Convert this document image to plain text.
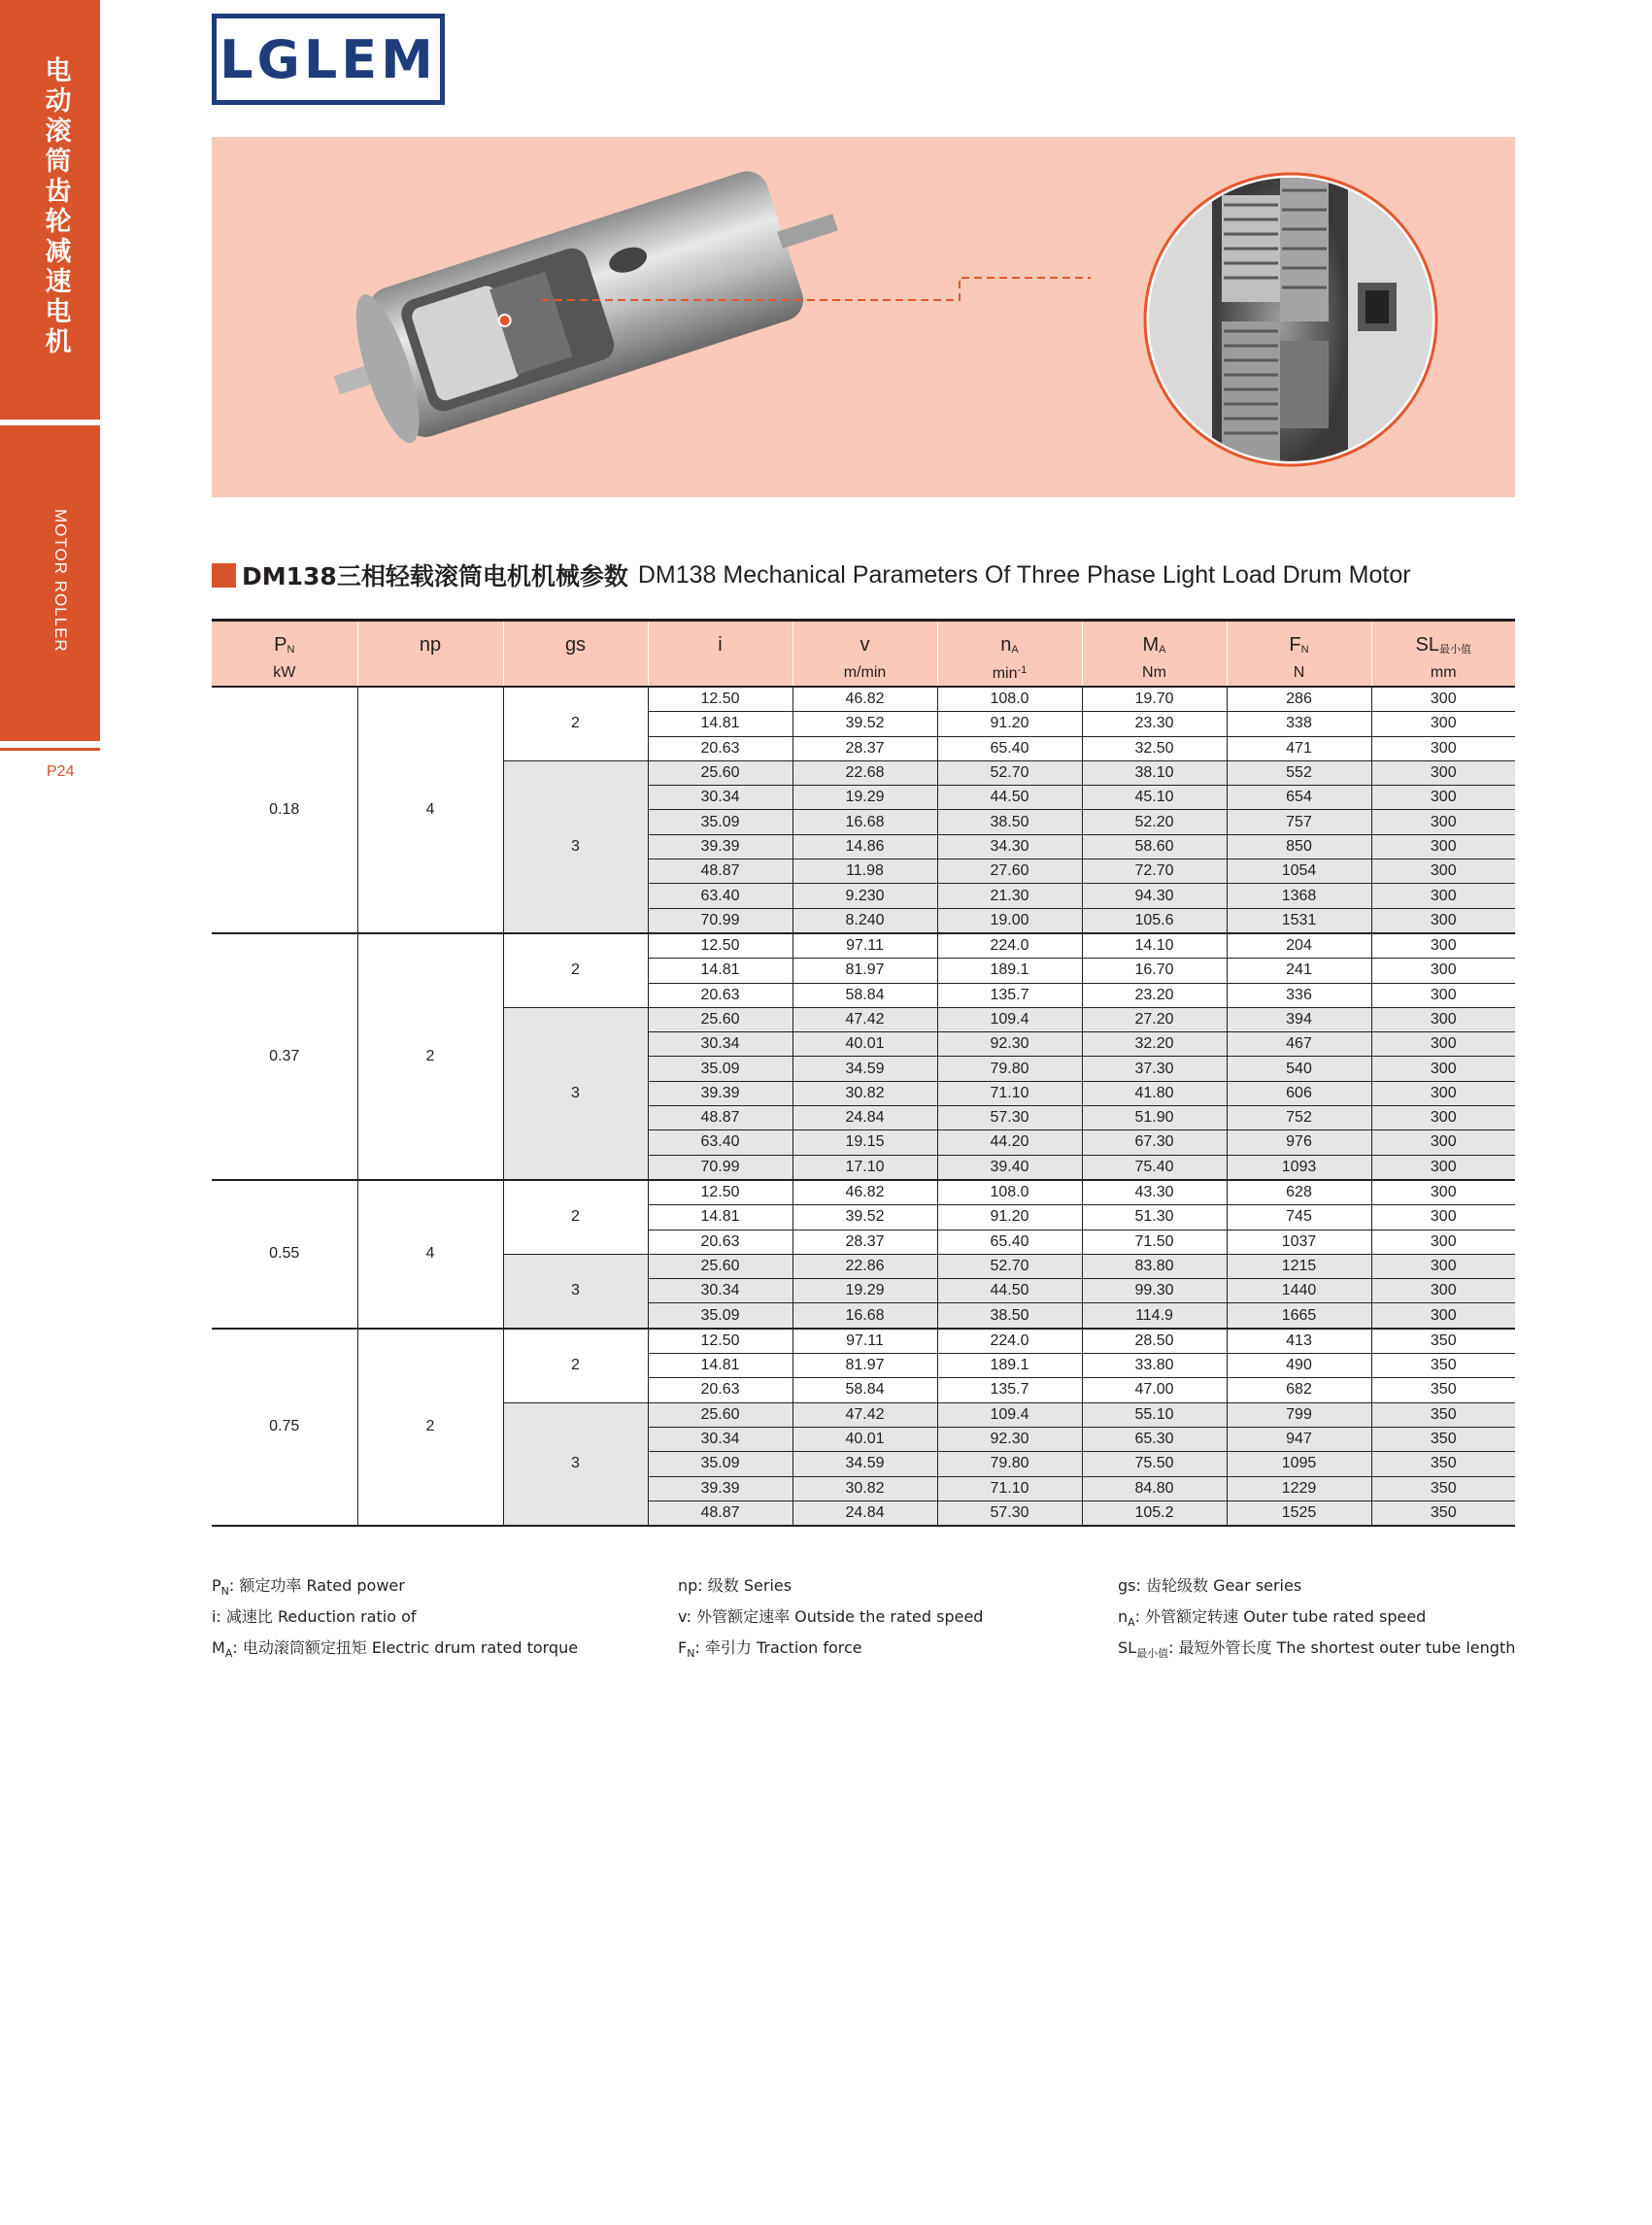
电动滚筒齿轮减速电机
MOTOR ROLLER
P24
LGLEM
DM138三相轻载滚筒电机机械参数 DM138 Mechanical Parameters Of Three Phase Light Load Drum Motor
$P_N$	np	gs	i	v	$n_A$	$M_A$	$F_N$	$SL_{最小值}$
kW				m/min	$\min^{-1}$	Nm	N	mm
0.18	4	2	12.50	46.82	108.0	19.70	286	300
			14.81	39.52	91.20	23.30	338	300
			20.63	28.37	65.40	32.50	471	300
		3	25.60	22.68	52.70	38.10	552	300
			30.34	19.29	44.50	45.10	654	300
			35.09	16.68	38.50	52.20	757	300
			39.39	14.86	34.30	58.60	850	300
			48.87	11.98	27.60	72.70	1054	300
			63.40	9.230	21.30	94.30	1368	300
			70.99	8.240	19.00	105.6	1531	300
0.37	2	2	12.50	97.11	224.0	14.10	204	300
			14.81	81.97	189.1	16.70	241	300
			20.63	58.84	135.7	23.20	336	300
		3	25.60	47.42	109.4	27.20	394	300
			30.34	40.01	92.30	32.20	467	300
			35.09	34.59	79.80	37.30	540	300
			39.39	30.82	71.10	41.80	606	300
			48.87	24.84	57.30	51.90	752	300
			63.40	19.15	44.20	67.30	976	300
			70.99	17.10	39.40	75.40	1093	300
0.55	4	2	12.50	46.82	108.0	43.30	628	300
			14.81	39.52	91.20	51.30	745	300
			20.63	28.37	65.40	71.50	1037	300
		3	25.60	22.86	52.70	83.80	1215	300
			30.34	19.29	44.50	99.30	1440	300
			35.09	16.68	38.50	114.9	1665	300
0.75	2	2	12.50	97.11	224.0	28.50	413	350
			14.81	81.97	189.1	33.80	490	350
			20.63	58.84	135.7	47.00	682	350
		3	25.60	47.42	109.4	55.10	799	350
			30.34	40.01	92.30	65.30	947	350
			35.09	34.59	79.80	75.50	1095	350
			39.39	30.82	71.10	84.80	1229	350
			48.87	24.84	57.30	105.2	1525	350
$P_N$: 额定功率 Rated power	np: 级数 Series	gs: 齿轮级数 Gear series
i: 减速比 Reduction ratio of	v: 外管额定速率 Outside the rated speed	$n_A$: 外管额定转速 Outer tube rated speed
$M_A$: 电动滚筒额定扭矩 Electric drum rated torque	$F_N$: 牵引力 Traction force	$SL_{最小值}$: 最短外管长度 The shortest outer tube length
